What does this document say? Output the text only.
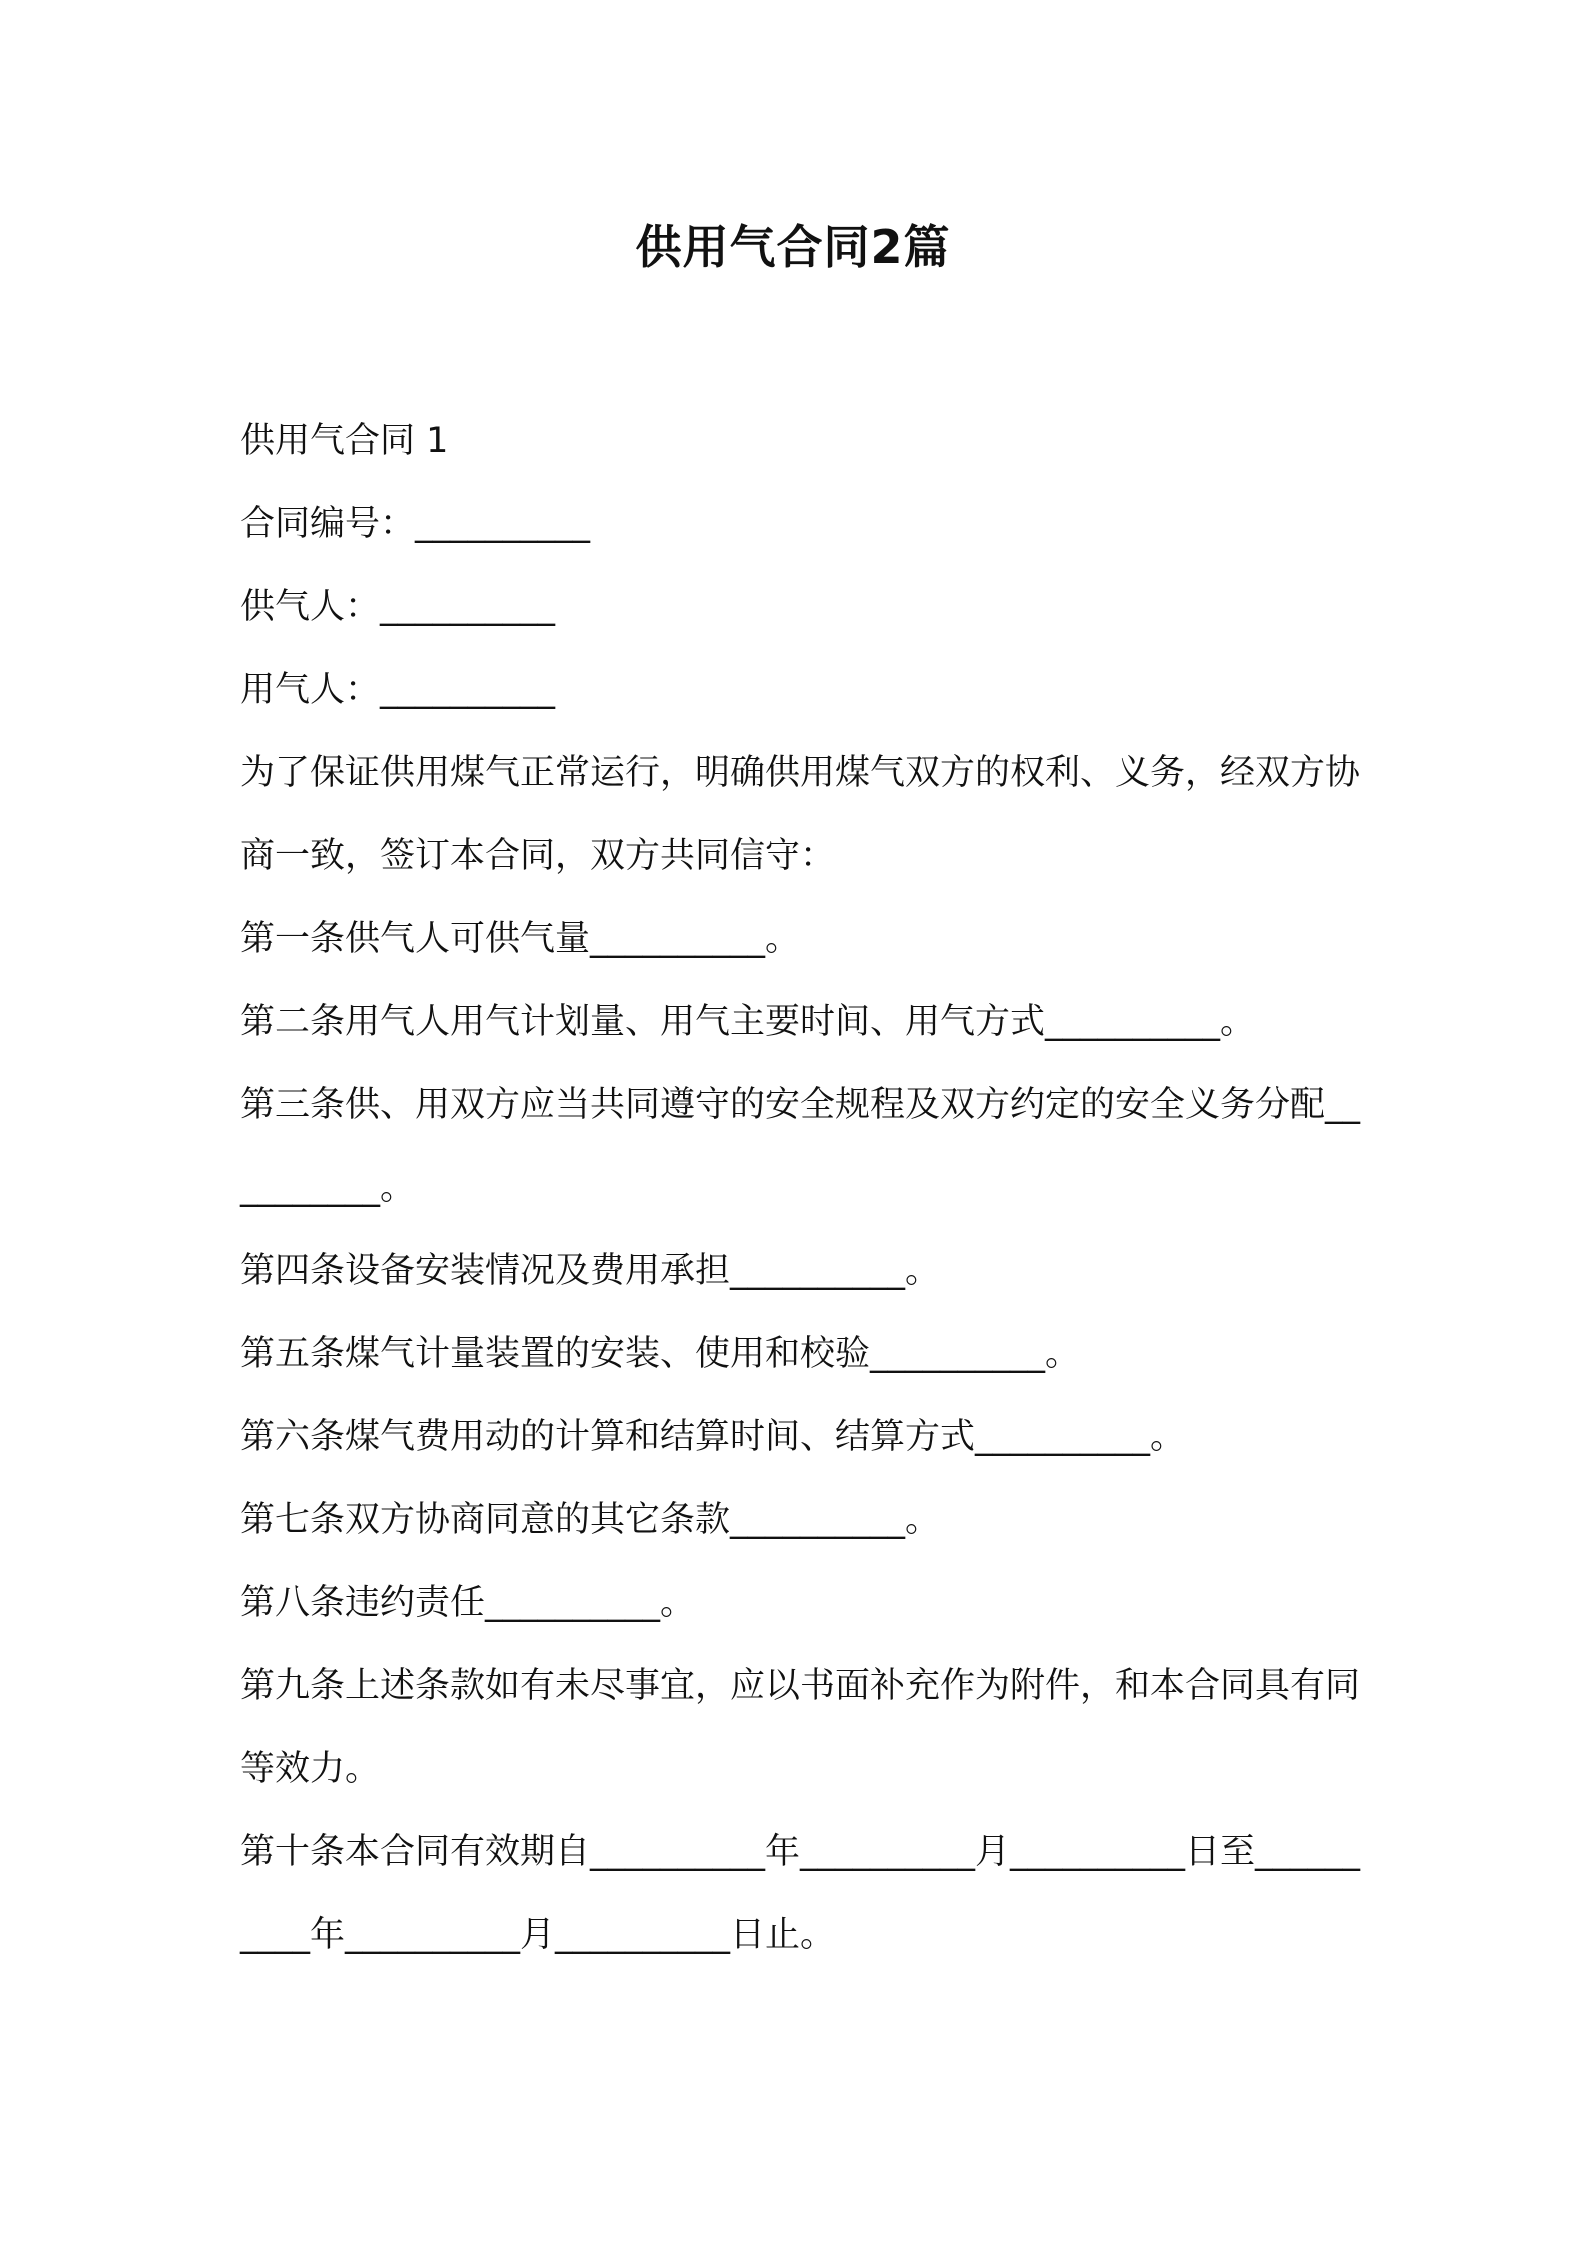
供用气合同2篇

供用气合同 1

合同编号：__________

供气人：__________

用气人：__________

为了保证供用煤气正常运行，明确供用煤气双方的权利、义务，经双方协商一致，签订本合同，双方共同信守：

第一条供气人可供气量__________。

第二条用气人用气计划量、用气主要时间、用气方式__________。

第三条供、用双方应当共同遵守的安全规程及双方约定的安全义务分配__________。

第四条设备安装情况及费用承担__________。

第五条煤气计量装置的安装、使用和校验__________。

第六条煤气费用动的计算和结算时间、结算方式__________。

第七条双方协商同意的其它条款__________。

第八条违约责任__________。

第九条上述条款如有未尽事宜，应以书面补充作为附件，和本合同具有同等效力。

第十条本合同有效期自__________年__________月__________日至__________年__________月__________日止。
